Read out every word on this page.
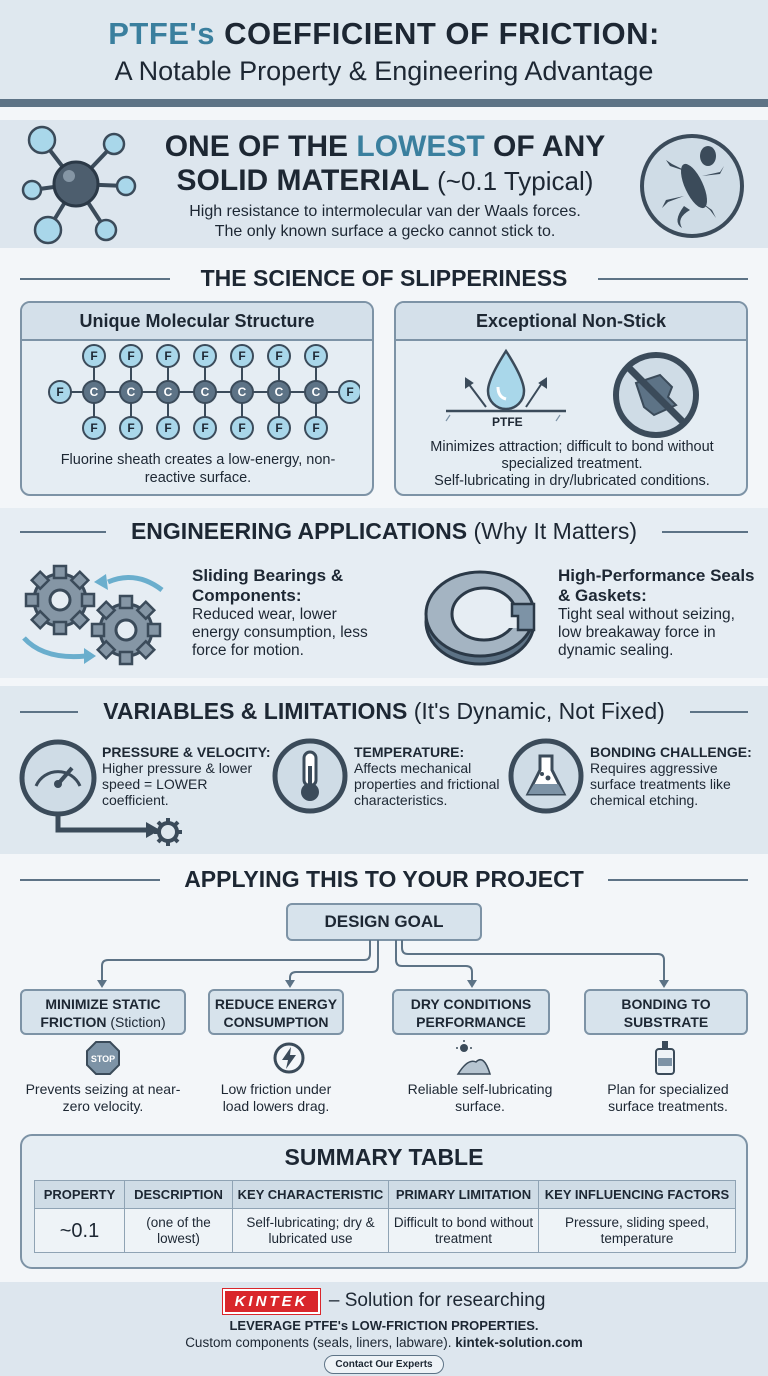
PTFE's COEFFICIENT OF FRICTION:
A Notable Property & Engineering Advantage
ONE OF THE LOWEST OF ANY
SOLID MATERIAL (~0.1 Typical)
High resistance to intermolecular van der Waals forces.
The only known surface a gecko cannot stick to.
THE SCIENCE OF SLIPPERINESS
Unique Molecular Structure
F	F
F
F
C
F
F
C
F
F
C
F
F
C
F
F
C
F
F
C
F
F
C
Fluorine sheath creates a low-energy, non-reactive surface.
Exceptional Non-Stick
PTFE
Minimizes attraction; difficult to bond without specialized treatment.
Self-lubricating in dry/lubricated conditions.
ENGINEERING APPLICATIONS (Why It Matters)
Sliding Bearings & Components:
Reduced wear, lower energy consumption, less force for motion.
High-Performance Seals & Gaskets:
Tight seal without seizing, low breakaway force in dynamic sealing.
VARIABLES & LIMITATIONS (It's Dynamic, Not Fixed)
PRESSURE & VELOCITY:
Higher pressure & lower speed = LOWER coefficient.
TEMPERATURE:
Affects mechanical properties and frictional characteristics.
BONDING CHALLENGE:
Requires aggressive surface treatments like chemical etching.
APPLYING THIS TO YOUR PROJECT
DESIGN GOAL
MINIMIZE STATIC FRICTION (Stiction)
REDUCE ENERGY CONSUMPTION
DRY CONDITIONS PERFORMANCE
BONDING TO SUBSTRATE
STOP
Prevents seizing at near-zero velocity.
Low friction under load lowers drag.
Reliable self-lubricating surface.
Plan for specialized surface treatments.
SUMMARY TABLE
PROPERTY	DESCRIPTION	KEY CHARACTERISTIC	PRIMARY LIMITATION	KEY INFLUENCING FACTORS
~0.1	(one of the lowest)	Self-lubricating; dry & lubricated use	Difficult to bond without treatment	Pressure, sliding speed, temperature
KINTEK – Solution for researching
LEVERAGE PTFE's LOW-FRICTION PROPERTIES.
Custom components (seals, liners, labware). kintek-solution.com
Contact Our Experts
